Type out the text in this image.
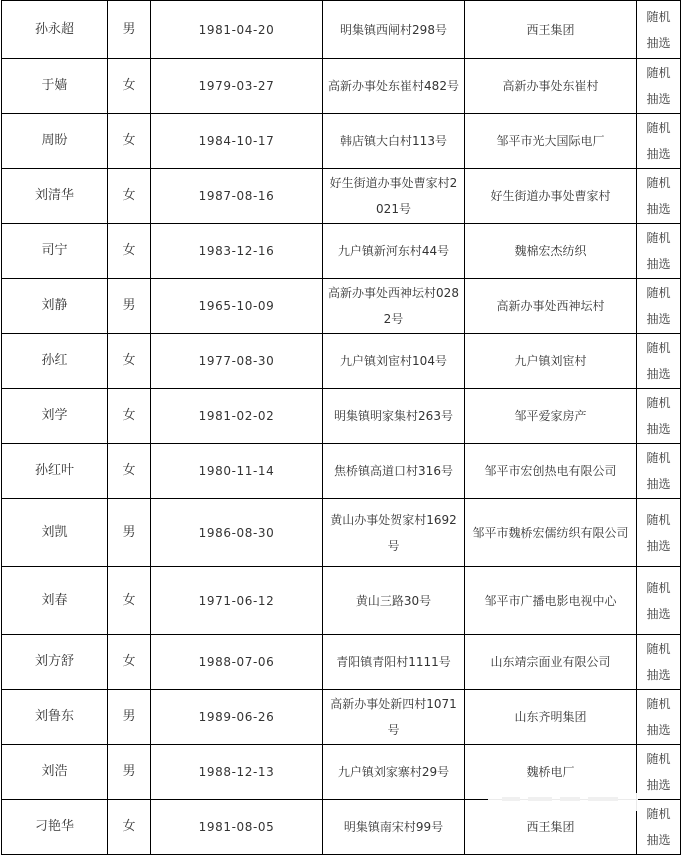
孙永超	男	1981-04-20	明集镇西闸村298号	西王集团	随机抽选
于嫱	女	1979-03-27	高新办事处东崔村482号	高新办事处东崔村	随机抽选
周盼	女	1984-10-17	韩店镇大白村113号	邹平市光大国际电厂	随机抽选
刘清华	女	1987-08-16	好生街道办事处曹家村2021号	好生街道办事处曹家村	随机抽选
司宁	女	1983-12-16	九户镇新河东村44号	魏棉宏杰纺织	随机抽选
刘静	男	1965-10-09	高新办事处西神坛村0282号	高新办事处西神坛村	随机抽选
孙红	女	1977-08-30	九户镇刘宦村104号	九户镇刘宦村	随机抽选
刘学	女	1981-02-02	明集镇明家集村263号	邹平爱家房产	随机抽选
孙红叶	女	1980-11-14	焦桥镇高道口村316号	邹平市宏创热电有限公司	随机抽选
刘凯	男	1986-08-30	黄山办事处贺家村1692号	邹平市魏桥宏儒纺织有限公司	随机抽选
刘春	女	1971-06-12	黄山三路30号	邹平市广播电影电视中心	随机抽选
刘方舒	女	1988-07-06	青阳镇青阳村1111号	山东靖宗面业有限公司	随机抽选
刘鲁东	男	1989-06-26	高新办事处新四村1071号	山东齐明集团	随机抽选
刘浩	男	1988-12-13	九户镇刘家寨村29号	魏桥电厂	随机抽选
刁艳华	女	1981-08-05	明集镇南宋村99号	西王集团	随机抽选
